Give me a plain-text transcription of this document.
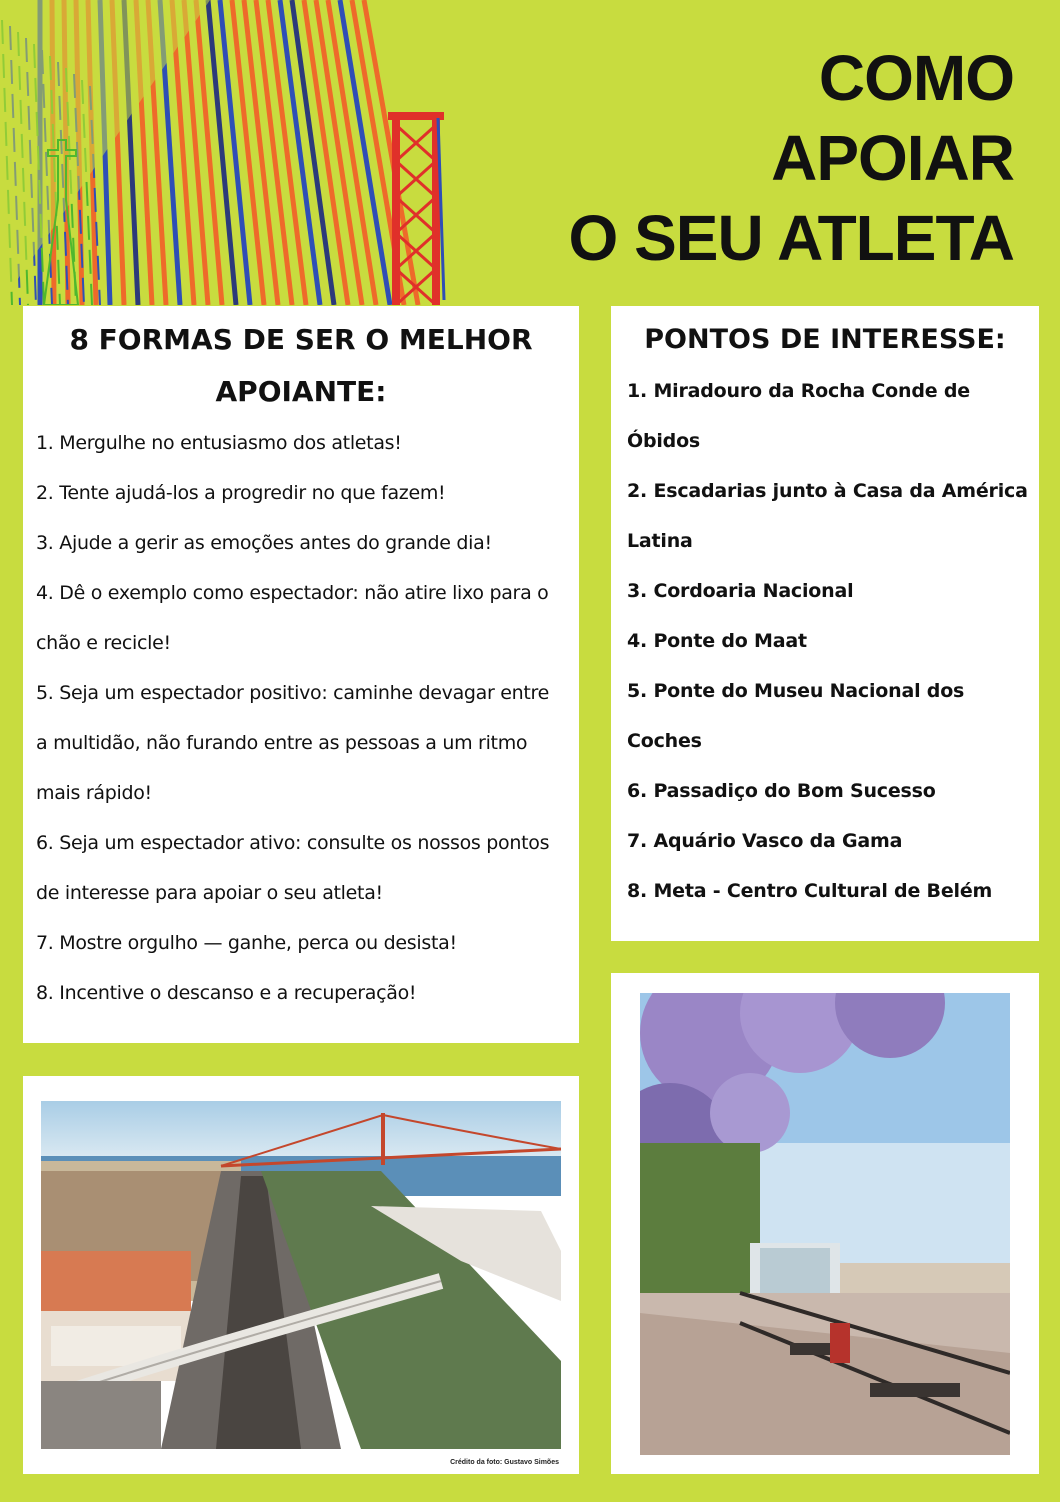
COMO
APOIAR
O SEU ATLETA
8 FORMAS DE SER O MELHOR APOIANTE:
1. Mergulhe no entusiasmo dos atletas!
2. Tente ajudá-los a progredir no que fazem!
3. Ajude a gerir as emoções antes do grande dia!
4. Dê o exemplo como espectador: não atire lixo para o chão e recicle!
5. Seja um espectador positivo: caminhe devagar entre a multidão, não furando entre as pessoas a um ritmo mais rápido!
6. Seja um espectador ativo: consulte os nossos pontos de interesse para apoiar o seu atleta!
7. Mostre orgulho — ganhe, perca ou desista!
8. Incentive o descanso e a recuperação!
PONTOS DE INTERESSE:
1. Miradouro da Rocha Conde de Óbidos
2. Escadarias junto à Casa da América Latina
3. Cordoaria Nacional
4. Ponte do Maat
5. Ponte do Museu Nacional dos Coches
6. Passadiço do Bom Sucesso
7. Aquário Vasco da Gama
8. Meta - Centro Cultural de Belém
Crédito da foto: Gustavo Simões
